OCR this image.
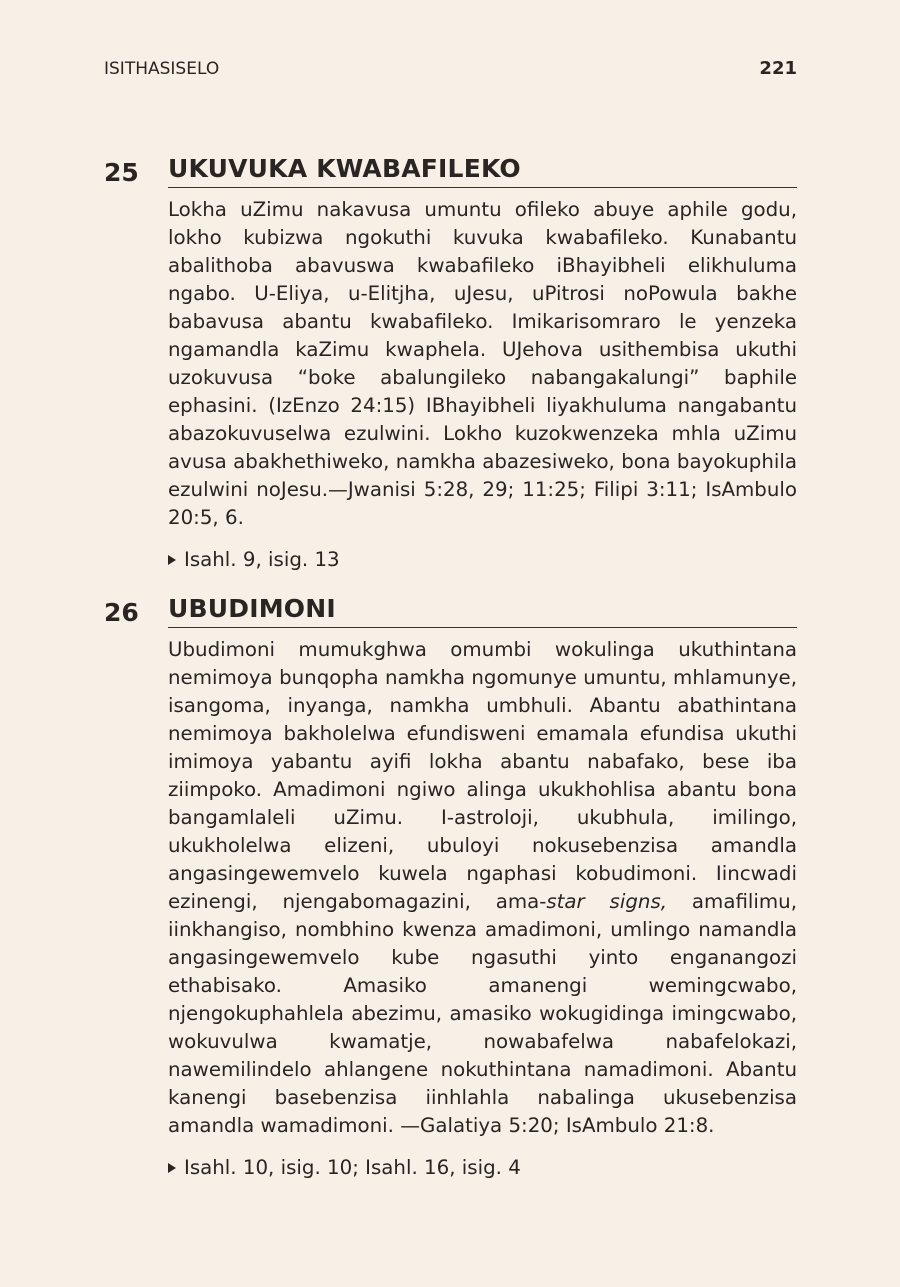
ISITHASISELO	221
25	UKUVUKA KWABAFILEKO
Lokha uZimu nakavusa umuntu ofileko abuye aphile godu, lokho kubizwa ngokuthi kuvuka kwabafileko. Kunabantu abalithoba abavuswa kwabafileko iBhayibheli elikhuluma ngabo. U-Eliya, u-Elitjha, uJesu, uPitrosi noPowula bakhe babavusa abantu kwabafileko. Imikarisomraro le yenzeka ngamandla kaZimu kwaphela. UJehova usithembisa ukuthi uzokuvusa “boke abalungileko nabangakalungi” baphile ephasini. (IzEnzo 24:15) IBhayibheli liyakhuluma nangabantu abazokuvuselwa ezulwini. Lokho kuzokwenzeka mhla uZimu avusa abakhethiweko, namkha abazesiweko, bona bayokuphila ezulwini noJesu.—Jwanisi 5:28, 29; 11:25; Filipi 3:11; IsAmbulo 20:5, 6.
Isahl. 9, isig. 13
26	UBUDIMONI
Ubudimoni mumukghwa omumbi wokulinga ukuthintana nemimoya bunqopha namkha ngomunye umuntu, mhlamunye, isangoma, inyanga, namkha umbhuli. Abantu abathintana nemimoya bakholelwa efundisweni emamala efundisa ukuthi imimoya yabantu ayifi lokha abantu nabafako, bese iba ziimpoko. Amadimoni ngiwo alinga ukukhohlisa abantu bona bangamlaleli uZimu. I-astroloji, ukubhula, imilingo, ukukholelwa elizeni, ubuloyi nokusebenzisa amandla angasingewemvelo kuwela ngaphasi kobudimoni. Iincwadi ezinengi, njengabomagazini, ama-star signs, amafilimu, iinkhangiso, nombhino kwenza amadimoni, umlingo namandla angasingewemvelo kube ngasuthi yinto enganangozi ethabisako. Amasiko amanengi wemingcwabo, njengokuphahlela abezimu, amasiko wokugidinga imingcwabo, wokuvulwa kwamatje, nowabafelwa nabafelokazi, nawemilindelo ahlangene nokuthintana namadimoni. Abantu kanengi basebenzisa iinhlahla nabalinga ukusebenzisa amandla wamadimoni. —Galatiya 5:20; IsAmbulo 21:8.
Isahl. 10, isig. 10; Isahl. 16, isig. 4
